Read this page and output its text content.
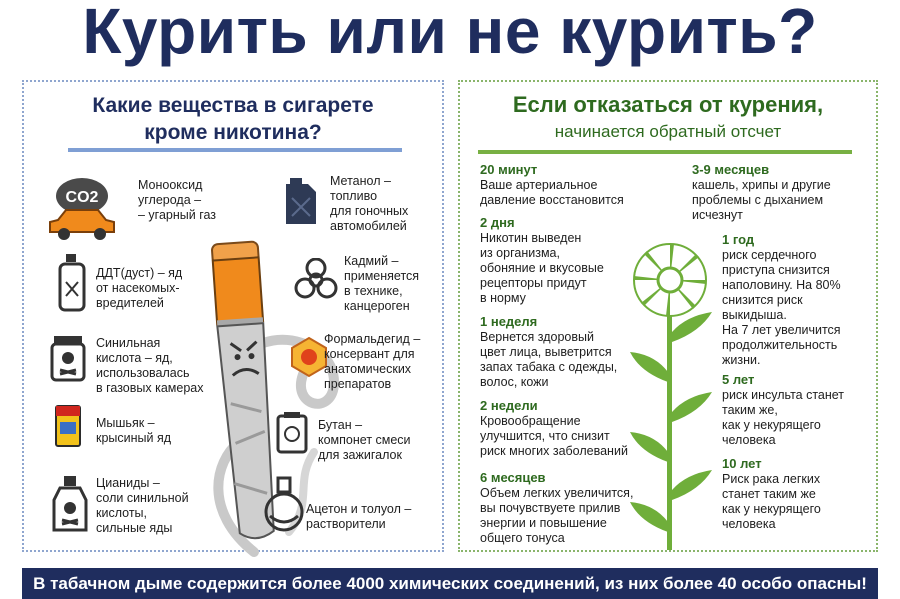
Курить или не курить?
Какие вещества в сигарете
кроме никотина?
CO2
Монооксид
углерода –
– угарный газ
ДДТ(дуст) – яд
от насекомых-
вредителей
Синильная
кислота – яд,
использовалась
в газовых камерах
Мышьяк –
крысиный яд
Цианиды –
соли синильной
кислоты,
сильные яды
Метанол –
топливо
для гоночных
автомобилей
Кадмий –
применяется
в технике,
канцероген
Формальдегид –
консервант для
анатомических
препаратов
Бутан –
компонет смеси
для зажигалок
Ацетон и толуол –
растворители
Если отказаться от курения,
начинается обратный отсчет
20 минут
Ваше артериальное
давление восстановится
2 дня
Никотин выведен
из организма,
обоняние и вкусовые
рецепторы придут
в норму
1 неделя
Вернется здоровый
цвет лица, выветрится
запах табака с одежды,
волос, кожи
2 недели
Кровообращение
улучшится, что снизит
риск многих заболеваний
6 месяцев
Объем легких увеличится,
вы почувствуете прилив
энергии и повышение
общего тонуса
3-9 месяцев
кашель, хрипы и другие
проблемы с дыханием
исчезнут
1 год
риск сердечного
приступа снизится
наполовину. На 80%
снизится риск
выкидыша.
На 7 лет увеличится
продолжительность
жизни.
5 лет
риск инсульта станет
таким же,
как у некурящего
человека
10 лет
Риск рака легких
станет таким же
как у некурящего
человека
В табачном дыме содержится более 4000 химических соединений, из них более 40 особо опасны!
